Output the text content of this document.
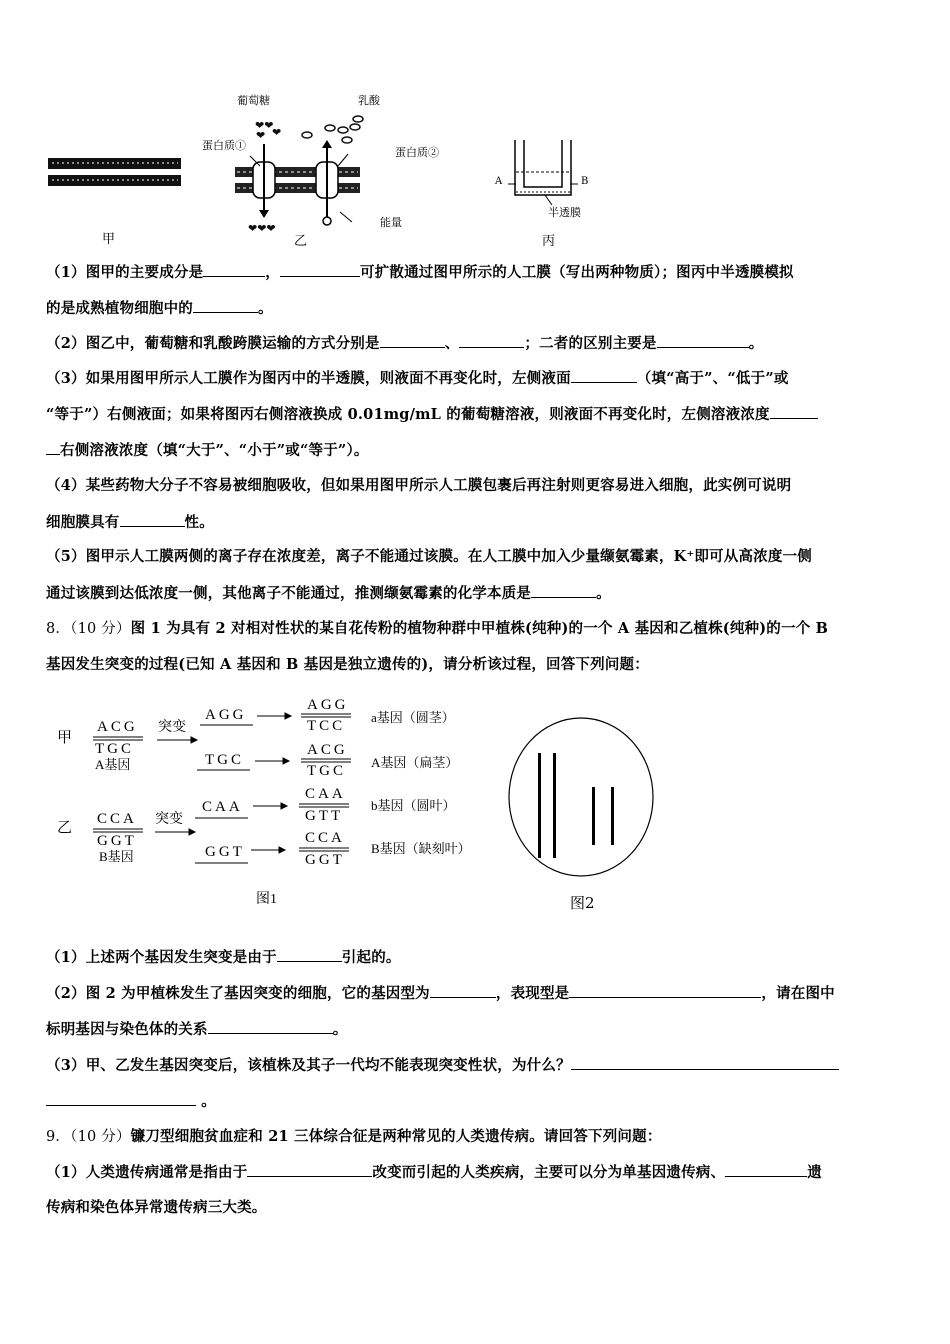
❤❤
❤
❤
❤❤❤
葡萄糖	乳酸
蛋白质①
蛋白质②
能量
A	B
半透膜
甲	乙	丙
（1）图甲的主要成分是	，	可扩散通过图甲所示的人工膜（写出两种物质）；图丙中半透膜模拟
的是成熟植物细胞中的	。
（2）图乙中，葡萄糖和乳酸跨膜运输的方式分别是	、	；二者的区别主要是	。
（3）如果用图甲所示人工膜作为图丙中的半透膜，则液面不再变化时，左侧液面	（填“高于”、“低于”或
“等于”）右侧液面；如果将图丙右侧溶液换成 0.01mg/mL 的葡萄糖溶液，则液面不再变化时，左侧溶液浓度
右侧溶液浓度（填“大于”、“小于”或“等于”）。
（4）某些药物大分子不容易被细胞吸收，但如果用图甲所示人工膜包裹后再注射则更容易进入细胞，此实例可说明
细胞膜具有	性。
（5）图甲示人工膜两侧的离子存在浓度差，离子不能通过该膜。在人工膜中加入少量缬氨霉素，K⁺即可从高浓度一侧
通过该膜到达低浓度一侧，其他离子不能通过，推测缬氨霉素的化学本质是	。
8．（10 分）图 1 为具有 2 对相对性状的某自花传粉的植物种群中甲植株(纯种)的一个 A 基因和乙植株(纯种)的一个 B
基因发生突变的过程(已知 A 基因和 B 基因是独立遗传的)，请分析该过程，回答下列问题：
甲
ACG
TGC
A基因
突变
AGG
AGG
TCC
a基因（圆茎）
TGC
ACG
TGC
A基因（扁茎）
乙
CCA
GGT
B基因
突变
CAA
CAA
GTT
b基因（圆叶）
GGT
CCA
GGT
B基因（缺刻叶）
图1	图2
（1）上述两个基因发生突变是由于	引起的。
（2）图 2 为甲植株发生了基因突变的细胞，它的基因型为	，表现型是	，请在图中
标明基因与染色体的关系	。
（3）甲、乙发生基因突变后，该植株及其子一代均不能表现突变性状，为什么？
。
9．（10 分）镰刀型细胞贫血症和 21 三体综合征是两种常见的人类遗传病。请回答下列问题：
（1）人类遗传病通常是指由于	改变而引起的人类疾病，主要可以分为单基因遗传病、	遗
传病和染色体异常遗传病三大类。
